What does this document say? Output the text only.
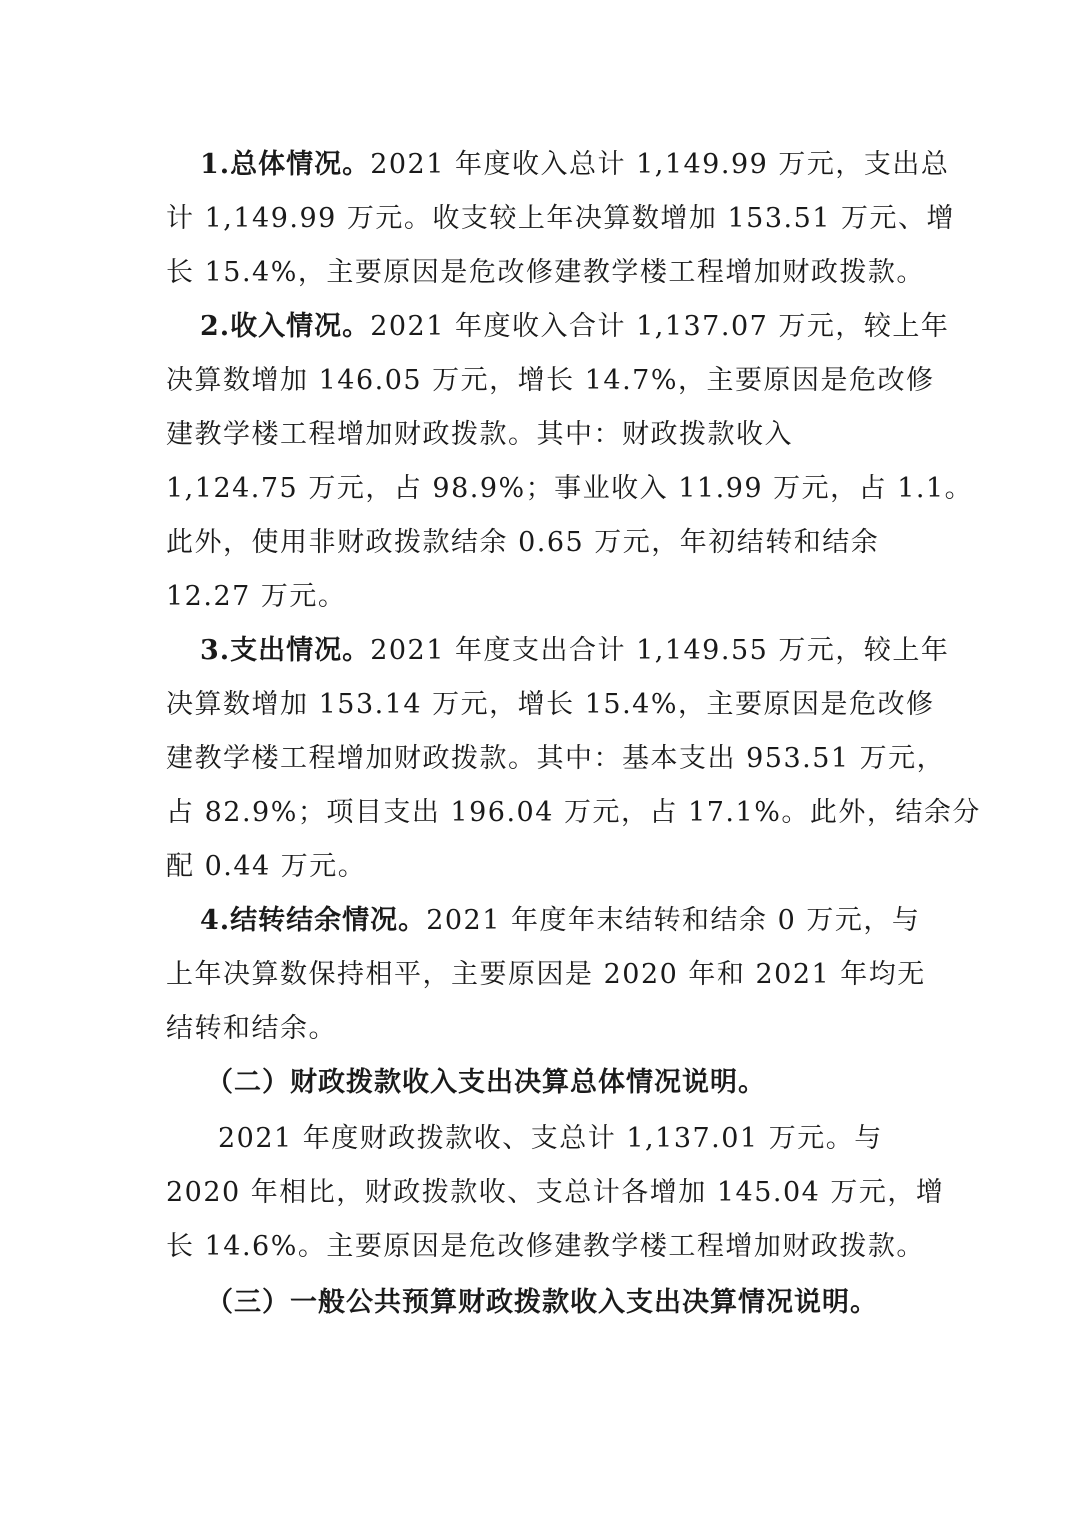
1.总体情况。2021 年度收入总计 1,149.99 万元，支出总
计 1,149.99 万元。收支较上年决算数增加 153.51 万元、增
长 15.4%，主要原因是危改修建教学楼工程增加财政拨款。
2.收入情况。2021 年度收入合计 1,137.07 万元，较上年
决算数增加 146.05 万元，增长 14.7%，主要原因是危改修
建教学楼工程增加财政拨款。其中：财政拨款收入
1,124.75 万元，占 98.9%；事业收入 11.99 万元，占 1.1。
此外，使用非财政拨款结余 0.65 万元，年初结转和结余
12.27 万元。
3.支出情况。2021 年度支出合计 1,149.55 万元，较上年
决算数增加 153.14 万元，增长 15.4%，主要原因是危改修
建教学楼工程增加财政拨款。其中：基本支出 953.51 万元，
占 82.9%；项目支出 196.04 万元，占 17.1%。此外，结余分
配 0.44 万元。
4.结转结余情况。2021 年度年末结转和结余 0 万元，与
上年决算数保持相平，主要原因是 2020 年和 2021 年均无
结转和结余。
（二）财政拨款收入支出决算总体情况说明。
2021 年度财政拨款收、支总计 1,137.01 万元。与
2020 年相比，财政拨款收、支总计各增加 145.04 万元，增
长 14.6%。主要原因是危改修建教学楼工程增加财政拨款。
（三）一般公共预算财政拨款收入支出决算情况说明。
